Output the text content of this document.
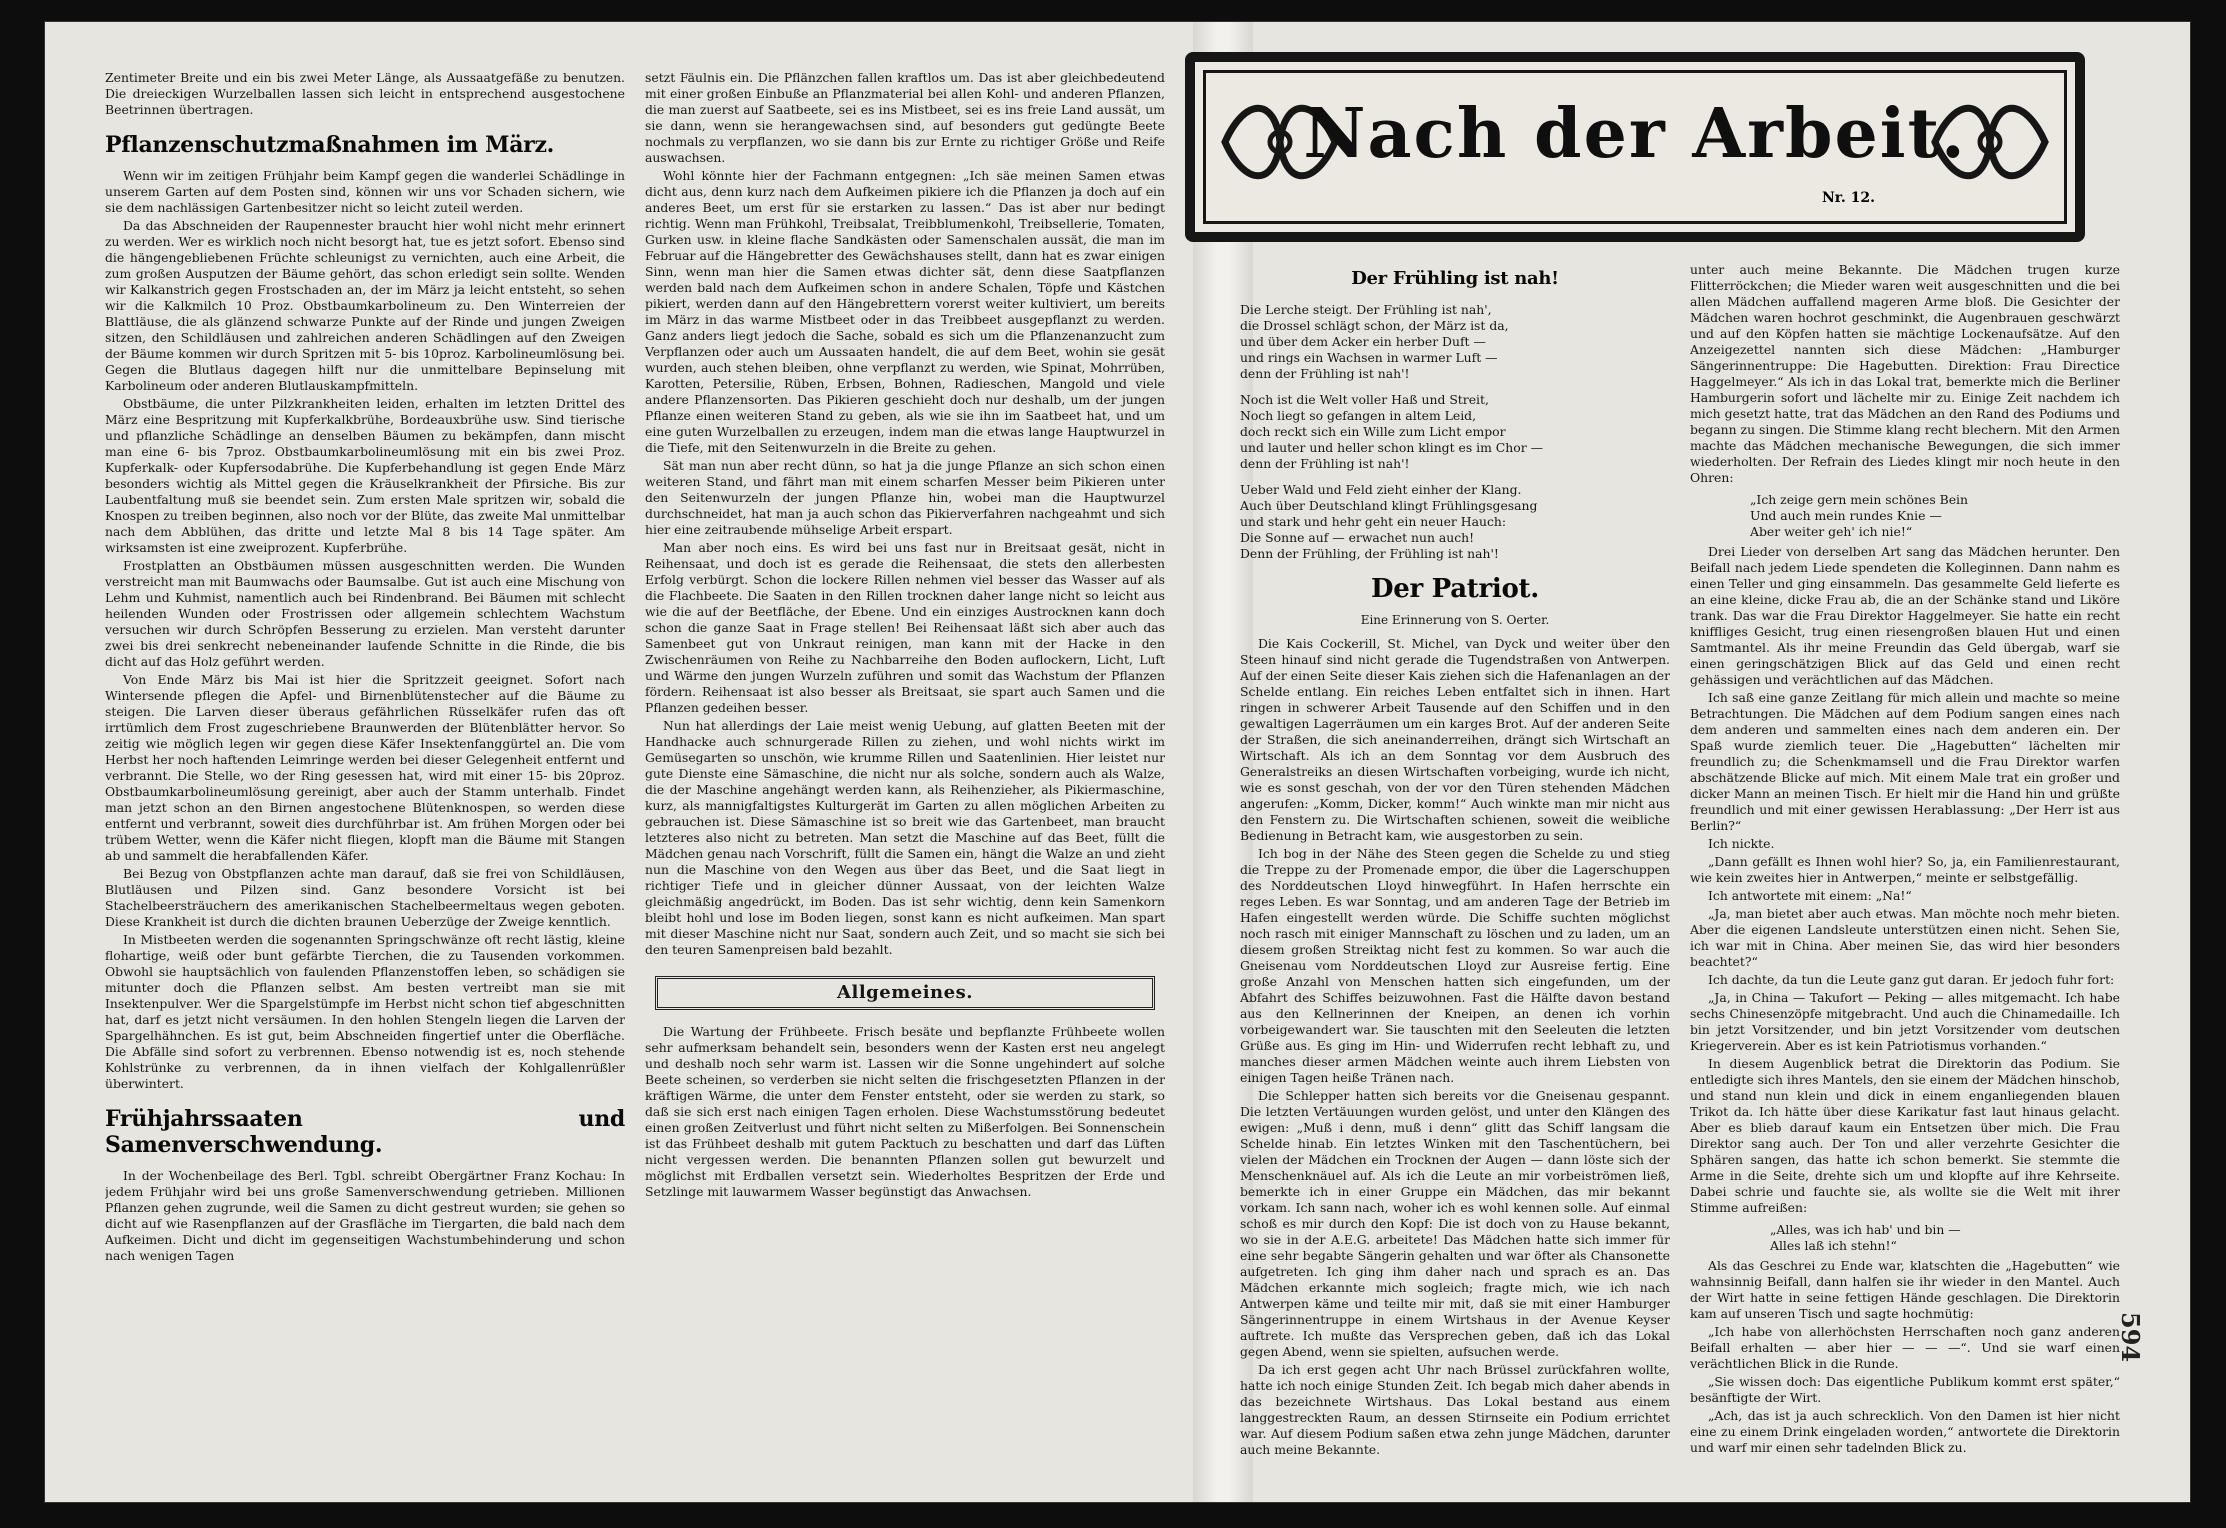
Zentimeter Breite und ein bis zwei Meter Länge, als Aussaatgefäße zu benutzen. Die dreieckigen Wurzelballen lassen sich leicht in entsprechend ausgestochene Beetrinnen übertragen.

Pflanzenschutzmaßnahmen im März.

Wenn wir im zeitigen Frühjahr beim Kampf gegen die wanderlei Schädlinge in unserem Garten auf dem Posten sind, können wir uns vor Schaden sichern, wie sie dem nachlässigen Gartenbesitzer nicht so leicht zuteil werden.

Da das Abschneiden der Raupennester braucht hier wohl nicht mehr erinnert zu werden. Wer es wirklich noch nicht besorgt hat, tue es jetzt sofort. Ebenso sind die hängengebliebenen Früchte schleunigst zu vernichten, auch eine Arbeit, die zum großen Ausputzen der Bäume gehört, das schon erledigt sein sollte. Wenden wir Kalkanstrich gegen Frostschaden an, der im März ja leicht entsteht, so sehen wir die Kalkmilch 10 Proz. Obstbaumkarbolineum zu. Den Winterreien der Blattläuse, die als glänzend schwarze Punkte auf der Rinde und jungen Zweigen sitzen, den Schildläusen und zahlreichen anderen Schädlingen auf den Zweigen der Bäume kommen wir durch Spritzen mit 5- bis 10proz. Karbolineumlösung bei. Gegen die Blutlaus dagegen hilft nur die unmittelbare Bepinselung mit Karbolineum oder anderen Blutlauskampfmitteln.

Obstbäume, die unter Pilzkrankheiten leiden, erhalten im letzten Drittel des März eine Bespritzung mit Kupferkalkbrühe, Bordeauxbrühe usw. Sind tierische und pflanzliche Schädlinge an denselben Bäumen zu bekämpfen, dann mischt man eine 6- bis 7proz. Obstbaumkarbolineumlösung mit ein bis zwei Proz. Kupferkalk- oder Kupfersodabrühe. Die Kupferbehandlung ist gegen Ende März besonders wichtig als Mittel gegen die Kräuselkrankheit der Pfirsiche. Bis zur Laubentfaltung muß sie beendet sein. Zum ersten Male spritzen wir, sobald die Knospen zu treiben beginnen, also noch vor der Blüte, das zweite Mal unmittelbar nach dem Abblühen, das dritte und letzte Mal 8 bis 14 Tage später. Am wirksamsten ist eine zweiprozent. Kupferbrühe.

Frostplatten an Obstbäumen müssen ausgeschnitten werden. Die Wunden verstreicht man mit Baumwachs oder Baumsalbe. Gut ist auch eine Mischung von Lehm und Kuhmist, namentlich auch bei Rindenbrand. Bei Bäumen mit schlecht heilenden Wunden oder Frostrissen oder allgemein schlechtem Wachstum versuchen wir durch Schröpfen Besserung zu erzielen. Man versteht darunter zwei bis drei senkrecht nebeneinander laufende Schnitte in die Rinde, die bis dicht auf das Holz geführt werden.

Von Ende März bis Mai ist hier die Spritzzeit geeignet. Sofort nach Wintersende pflegen die Apfel- und Birnenblütenstecher auf die Bäume zu steigen. Die Larven dieser überaus gefährlichen Rüsselkäfer rufen das oft irrtümlich dem Frost zugeschriebene Braunwerden der Blütenblätter hervor. So zeitig wie möglich legen wir gegen diese Käfer Insektenfanggürtel an. Die vom Herbst her noch haftenden Leimringe werden bei dieser Gelegenheit entfernt und verbrannt. Die Stelle, wo der Ring gesessen hat, wird mit einer 15- bis 20proz. Obstbaumkarbolineumlösung gereinigt, aber auch der Stamm unterhalb. Findet man jetzt schon an den Birnen angestochene Blütenknospen, so werden diese entfernt und verbrannt, soweit dies durchführbar ist. Am frühen Morgen oder bei trübem Wetter, wenn die Käfer nicht fliegen, klopft man die Bäume mit Stangen ab und sammelt die herabfallenden Käfer.

Bei Bezug von Obstpflanzen achte man darauf, daß sie frei von Schildläusen, Blutläusen und Pilzen sind. Ganz besondere Vorsicht ist bei Stachelbeersträuchern des amerikanischen Stachelbeermeltaus wegen geboten. Diese Krankheit ist durch die dichten braunen Ueberzüge der Zweige kenntlich.

In Mistbeeten werden die sogenannten Springschwänze oft recht lästig, kleine flohartige, weiß oder bunt gefärbte Tierchen, die zu Tausenden vorkommen. Obwohl sie hauptsächlich von faulenden Pflanzenstoffen leben, so schädigen sie mitunter doch die Pflanzen selbst. Am besten vertreibt man sie mit Insektenpulver. Wer die Spargelstümpfe im Herbst nicht schon tief abgeschnitten hat, darf es jetzt nicht versäumen. In den hohlen Stengeln liegen die Larven der Spargelhähnchen. Es ist gut, beim Abschneiden fingertief unter die Oberfläche. Die Abfälle sind sofort zu verbrennen. Ebenso notwendig ist es, noch stehende Kohlstrünke zu verbrennen, da in ihnen vielfach der Kohlgallenrüßler überwintert.

Frühjahrssaaten und Samenverschwendung.

In der Wochenbeilage des Berl. Tgbl. schreibt Obergärtner Franz Kochau: In jedem Frühjahr wird bei uns große Samenverschwendung getrieben. Millionen Pflanzen gehen zugrunde, weil die Samen zu dicht gestreut wurden; sie gehen so dicht auf wie Rasenpflanzen auf der Grasfläche im Tiergarten, die bald nach dem Aufkeimen. Dicht und dicht im gegenseitigen Wachstumbehinderung und schon nach wenigen Tagen

setzt Fäulnis ein. Die Pflänzchen fallen kraftlos um. Das ist aber gleichbedeutend mit einer großen Einbuße an Pflanzmaterial bei allen Kohl- und anderen Pflanzen, die man zuerst auf Saatbeete, sei es ins Mistbeet, sei es ins freie Land aussät, um sie dann, wenn sie herangewachsen sind, auf besonders gut gedüngte Beete nochmals zu verpflanzen, wo sie dann bis zur Ernte zu richtiger Größe und Reife auswachsen.

Wohl könnte hier der Fachmann entgegnen: „Ich säe meinen Samen etwas dicht aus, denn kurz nach dem Aufkeimen pikiere ich die Pflanzen ja doch auf ein anderes Beet, um erst für sie erstarken zu lassen.“ Das ist aber nur bedingt richtig. Wenn man Frühkohl, Treibsalat, Treibblumenkohl, Treibsellerie, Tomaten, Gurken usw. in kleine flache Sandkästen oder Samenschalen aussät, die man im Februar auf die Hängebretter des Gewächshauses stellt, dann hat es zwar einigen Sinn, wenn man hier die Samen etwas dichter sät, denn diese Saatpflanzen werden bald nach dem Aufkeimen schon in andere Schalen, Töpfe und Kästchen pikiert, werden dann auf den Hängebrettern vorerst weiter kultiviert, um bereits im März in das warme Mistbeet oder in das Treibbeet ausgepflanzt zu werden. Ganz anders liegt jedoch die Sache, sobald es sich um die Pflanzenanzucht zum Verpflanzen oder auch um Aussaaten handelt, die auf dem Beet, wohin sie gesät wurden, auch stehen bleiben, ohne verpflanzt zu werden, wie Spinat, Mohrrüben, Karotten, Petersilie, Rüben, Erbsen, Bohnen, Radieschen, Mangold und viele andere Pflanzensorten. Das Pikieren geschieht doch nur deshalb, um der jungen Pflanze einen weiteren Stand zu geben, als wie sie ihn im Saatbeet hat, und um eine guten Wurzelballen zu erzeugen, indem man die etwas lange Hauptwurzel in die Tiefe, mit den Seitenwurzeln in die Breite zu gehen.

Sät man nun aber recht dünn, so hat ja die junge Pflanze an sich schon einen weiteren Stand, und fährt man mit einem scharfen Messer beim Pikieren unter den Seitenwurzeln der jungen Pflanze hin, wobei man die Hauptwurzel durchschneidet, hat man ja auch schon das Pikierverfahren nachgeahmt und sich hier eine zeitraubende mühselige Arbeit erspart.

Man aber noch eins. Es wird bei uns fast nur in Breitsaat gesät, nicht in Reihensaat, und doch ist es gerade die Reihensaat, die stets den allerbesten Erfolg verbürgt. Schon die lockere Rillen nehmen viel besser das Wasser auf als die Flachbeete. Die Saaten in den Rillen trocknen daher lange nicht so leicht aus wie die auf der Beetfläche, der Ebene. Und ein einziges Austrocknen kann doch schon die ganze Saat in Frage stellen! Bei Reihensaat läßt sich aber auch das Samenbeet gut von Unkraut reinigen, man kann mit der Hacke in den Zwischenräumen von Reihe zu Nachbarreihe den Boden auflockern, Licht, Luft und Wärme den jungen Wurzeln zuführen und somit das Wachstum der Pflanzen fördern. Reihensaat ist also besser als Breitsaat, sie spart auch Samen und die Pflanzen gedeihen besser.

Nun hat allerdings der Laie meist wenig Uebung, auf glatten Beeten mit der Handhacke auch schnurgerade Rillen zu ziehen, und wohl nichts wirkt im Gemüsegarten so unschön, wie krumme Rillen und Saatenlinien. Hier leistet nur gute Dienste eine Sämaschine, die nicht nur als solche, sondern auch als Walze, die der Maschine angehängt werden kann, als Reihenzieher, als Pikiermaschine, kurz, als mannigfaltigstes Kulturgerät im Garten zu allen möglichen Arbeiten zu gebrauchen ist. Diese Sämaschine ist so breit wie das Gartenbeet, man braucht letzteres also nicht zu betreten. Man setzt die Maschine auf das Beet, füllt die Mädchen genau nach Vorschrift, füllt die Samen ein, hängt die Walze an und zieht nun die Maschine von den Wegen aus über das Beet, und die Saat liegt in richtiger Tiefe und in gleicher dünner Aussaat, von der leichten Walze gleichmäßig angedrückt, im Boden. Das ist sehr wichtig, denn kein Samenkorn bleibt hohl und lose im Boden liegen, sonst kann es nicht aufkeimen. Man spart mit dieser Maschine nicht nur Saat, sondern auch Zeit, und so macht sie sich bei den teuren Samenpreisen bald bezahlt.

Allgemeines.

Die Wartung der Frühbeete. Frisch besäte und bepflanzte Frühbeete wollen sehr aufmerksam behandelt sein, besonders wenn der Kasten erst neu angelegt und deshalb noch sehr warm ist. Lassen wir die Sonne ungehindert auf solche Beete scheinen, so verderben sie nicht selten die frischgesetzten Pflanzen in der kräftigen Wärme, die unter dem Fenster entsteht, oder sie werden zu stark, so daß sie sich erst nach einigen Tagen erholen. Diese Wachstumsstörung bedeutet einen großen Zeitverlust und führt nicht selten zu Mißerfolgen. Bei Sonnenschein ist das Frühbeet deshalb mit gutem Packtuch zu beschatten und darf das Lüften nicht vergessen werden. Die benannten Pflanzen sollen gut bewurzelt und möglichst mit Erdballen versetzt sein. Wiederholtes Bespritzen der Erde und Setzlinge mit lauwarmem Wasser begünstigt das Anwachsen.

Nach der Arbeit.
Nr. 12.
Der Frühling ist nah!
Die Lerche steigt. Der Frühling ist nah',
die Drossel schlägt schon, der März ist da,
und über dem Acker ein herber Duft —
und rings ein Wachsen in warmer Luft —
denn der Frühling ist nah'!
Noch ist die Welt voller Haß und Streit,
Noch liegt so gefangen in altem Leid,
doch reckt sich ein Wille zum Licht empor
und lauter und heller schon klingt es im Chor —
denn der Frühling ist nah'!
Ueber Wald und Feld zieht einher der Klang.
Auch über Deutschland klingt Frühlingsgesang
und stark und hehr geht ein neuer Hauch:
Die Sonne auf — erwachet nun auch!
Denn der Frühling, der Frühling ist nah'!
Der Patriot.
Eine Erinnerung von S. Oerter.

Die Kais Cockerill, St. Michel, van Dyck und weiter über den Steen hinauf sind nicht gerade die Tugendstraßen von Antwerpen. Auf der einen Seite dieser Kais ziehen sich die Hafenanlagen an der Schelde entlang. Ein reiches Leben entfaltet sich in ihnen. Hart ringen in schwerer Arbeit Tausende auf den Schiffen und in den gewaltigen Lagerräumen um ein karges Brot. Auf der anderen Seite der Straßen, die sich aneinanderreihen, drängt sich Wirtschaft an Wirtschaft. Als ich an dem Sonntag vor dem Ausbruch des Generalstreiks an diesen Wirtschaften vorbeiging, wurde ich nicht, wie es sonst geschah, von der vor den Türen stehenden Mädchen angerufen: „Komm, Dicker, komm!“ Auch winkte man mir nicht aus den Fenstern zu. Die Wirtschaften schienen, soweit die weibliche Bedienung in Betracht kam, wie ausgestorben zu sein.

Ich bog in der Nähe des Steen gegen die Schelde zu und stieg die Treppe zu der Promenade empor, die über die Lagerschuppen des Norddeutschen Lloyd hinwegführt. In Hafen herrschte ein reges Leben. Es war Sonntag, und am anderen Tage der Betrieb im Hafen eingestellt werden würde. Die Schiffe suchten möglichst noch rasch mit einiger Mannschaft zu löschen und zu laden, um an diesem großen Streiktag nicht fest zu kommen. So war auch die Gneisenau vom Norddeutschen Lloyd zur Ausreise fertig. Eine große Anzahl von Menschen hatten sich eingefunden, um der Abfahrt des Schiffes beizuwohnen. Fast die Hälfte davon bestand aus den Kellnerinnen der Kneipen, an denen ich vorhin vorbeigewandert war. Sie tauschten mit den Seeleuten die letzten Grüße aus. Es ging im Hin- und Widerrufen recht lebhaft zu, und manches dieser armen Mädchen weinte auch ihrem Liebsten von einigen Tagen heiße Tränen nach.

Die Schlepper hatten sich bereits vor die Gneisenau gespannt. Die letzten Vertäuungen wurden gelöst, und unter den Klängen des ewigen: „Muß i denn, muß i denn“ glitt das Schiff langsam die Schelde hinab. Ein letztes Winken mit den Taschentüchern, bei vielen der Mädchen ein Trocknen der Augen — dann löste sich der Menschenknäuel auf. Als ich die Leute an mir vorbeiströmen ließ, bemerkte ich in einer Gruppe ein Mädchen, das mir bekannt vorkam. Ich sann nach, woher ich es wohl kennen solle. Auf einmal schoß es mir durch den Kopf: Die ist doch von zu Hause bekannt, wo sie in der A.E.G. arbeitete! Das Mädchen hatte sich immer für eine sehr begabte Sängerin gehalten und war öfter als Chansonette aufgetreten. Ich ging ihm daher nach und sprach es an. Das Mädchen erkannte mich sogleich; fragte mich, wie ich nach Antwerpen käme und teilte mir mit, daß sie mit einer Hamburger Sängerinnentruppe in einem Wirtshaus in der Avenue Keyser auftrete. Ich mußte das Versprechen geben, daß ich das Lokal gegen Abend, wenn sie spielten, aufsuchen werde.

Da ich erst gegen acht Uhr nach Brüssel zurückfahren wollte, hatte ich noch einige Stunden Zeit. Ich begab mich daher abends in das bezeichnete Wirtshaus. Das Lokal bestand aus einem langgestreckten Raum, an dessen Stirnseite ein Podium errichtet war. Auf diesem Podium saßen etwa zehn junge Mädchen, darunter auch meine Bekannte.

unter auch meine Bekannte. Die Mädchen trugen kurze Flitterröckchen; die Mieder waren weit ausgeschnitten und die bei allen Mädchen auffallend mageren Arme bloß. Die Gesichter der Mädchen waren hochrot geschminkt, die Augenbrauen geschwärzt und auf den Köpfen hatten sie mächtige Lockenaufsätze. Auf den Anzeigezettel nannten sich diese Mädchen: „Hamburger Sängerinnentruppe: Die Hagebutten. Direktion: Frau Directice Haggelmeyer.“ Als ich in das Lokal trat, bemerkte mich die Berliner Hamburgerin sofort und lächelte mir zu. Einige Zeit nachdem ich mich gesetzt hatte, trat das Mädchen an den Rand des Podiums und begann zu singen. Die Stimme klang recht blechern. Mit den Armen machte das Mädchen mechanische Bewegungen, die sich immer wiederholten. Der Refrain des Liedes klingt mir noch heute in den Ohren:

„Ich zeige gern mein schönes Bein
Und auch mein rundes Knie —
Aber weiter geh' ich nie!“

Drei Lieder von derselben Art sang das Mädchen herunter. Den Beifall nach jedem Liede spendeten die Kolleginnen. Dann nahm es einen Teller und ging einsammeln. Das gesammelte Geld lieferte es an eine kleine, dicke Frau ab, die an der Schänke stand und Liköre trank. Das war die Frau Direktor Haggelmeyer. Sie hatte ein recht kniffliges Gesicht, trug einen riesengroßen blauen Hut und einen Samtmantel. Als ihr meine Freundin das Geld übergab, warf sie einen geringschätzigen Blick auf das Geld und einen recht gehässigen und verächtlichen auf das Mädchen.

Ich saß eine ganze Zeitlang für mich allein und machte so meine Betrachtungen. Die Mädchen auf dem Podium sangen eines nach dem anderen und sammelten eines nach dem anderen ein. Der Spaß wurde ziemlich teuer. Die „Hagebutten“ lächelten mir freundlich zu; die Schenkmamsell und die Frau Direktor warfen abschätzende Blicke auf mich. Mit einem Male trat ein großer und dicker Mann an meinen Tisch. Er hielt mir die Hand hin und grüßte freundlich und mit einer gewissen Herablassung: „Der Herr ist aus Berlin?“

Ich nickte.

„Dann gefällt es Ihnen wohl hier? So, ja, ein Familienrestaurant, wie kein zweites hier in Antwerpen,“ meinte er selbstgefällig.

Ich antwortete mit einem: „Na!“

„Ja, man bietet aber auch etwas. Man möchte noch mehr bieten. Aber die eigenen Landsleute unterstützen einen nicht. Sehen Sie, ich war mit in China. Aber meinen Sie, das wird hier besonders beachtet?“

Ich dachte, da tun die Leute ganz gut daran. Er jedoch fuhr fort:

„Ja, in China — Takufort — Peking — alles mitgemacht. Ich habe sechs Chinesenzöpfe mitgebracht. Und auch die Chinamedaille. Ich bin jetzt Vorsitzender, und bin jetzt Vorsitzender vom deutschen Kriegerverein. Aber es ist kein Patriotismus vorhanden.“

In diesem Augenblick betrat die Direktorin das Podium. Sie entledigte sich ihres Mantels, den sie einem der Mädchen hinschob, und stand nun klein und dick in einem enganliegenden blauen Trikot da. Ich hätte über diese Karikatur fast laut hinaus gelacht. Aber es blieb darauf kaum ein Entsetzen über mich. Die Frau Direktor sang auch. Der Ton und aller verzehrte Gesichter die Sphären sangen, das hatte ich schon bemerkt. Sie stemmte die Arme in die Seite, drehte sich um und klopfte auf ihre Kehrseite. Dabei schrie und fauchte sie, als wollte sie die Welt mit ihrer Stimme aufreißen:

„Alles, was ich hab' und bin —
Alles laß ich stehn!“

Als das Geschrei zu Ende war, klatschten die „Hagebutten“ wie wahnsinnig Beifall, dann halfen sie ihr wieder in den Mantel. Auch der Wirt hatte in seine fettigen Hände geschlagen. Die Direktorin kam auf unseren Tisch und sagte hochmütig:

„Ich habe von allerhöchsten Herrschaften noch ganz anderen Beifall erhalten — aber hier — — —“. Und sie warf einen verächtlichen Blick in die Runde.

„Sie wissen doch: Das eigentliche Publikum kommt erst später,“ besänftigte der Wirt.

„Ach, das ist ja auch schrecklich. Von den Damen ist hier nicht eine zu einem Drink eingeladen worden,“ antwortete die Direktorin und warf mir einen sehr tadelnden Blick zu.

594
